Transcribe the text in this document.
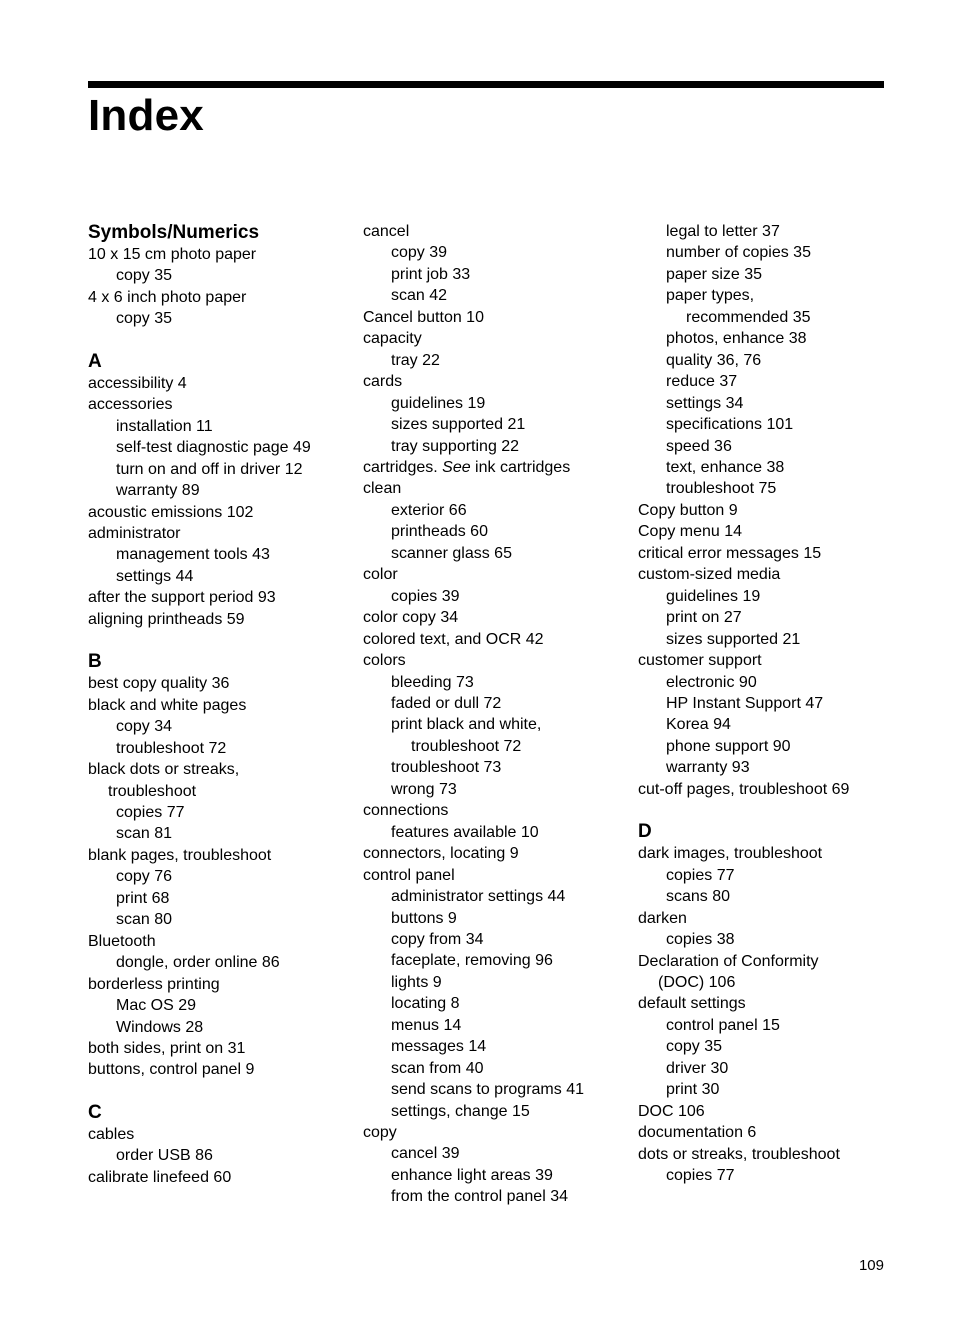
Index
Symbols/Numerics
10 x 15 cm photo paper
copy 35
4 x 6 inch photo paper
copy 35
A
accessibility 4
accessories
installation 11
self-test diagnostic page 49
turn on and off in driver 12
warranty 89
acoustic emissions 102
administrator
management tools 43
settings 44
after the support period 93
aligning printheads 59
B
best copy quality 36
black and white pages
copy 34
troubleshoot 72
black dots or streaks,
troubleshoot
copies 77
scan 81
blank pages, troubleshoot
copy 76
print 68
scan 80
Bluetooth
dongle, order online 86
borderless printing
Mac OS 29
Windows 28
both sides, print on 31
buttons, control panel 9
C
cables
order USB 86
calibrate linefeed 60
cancel
copy 39
print job 33
scan 42
Cancel button 10
capacity
tray 22
cards
guidelines 19
sizes supported 21
tray supporting 22
cartridges. See ink cartridges
clean
exterior 66
printheads 60
scanner glass 65
color
copies 39
color copy 34
colored text, and OCR 42
colors
bleeding 73
faded or dull 72
print black and white,
troubleshoot 72
troubleshoot 73
wrong 73
connections
features available 10
connectors, locating 9
control panel
administrator settings 44
buttons 9
copy from 34
faceplate, removing 96
lights 9
locating 8
menus 14
messages 14
scan from 40
send scans to programs 41
settings, change 15
copy
cancel 39
enhance light areas 39
from the control panel 34
legal to letter 37
number of copies 35
paper size 35
paper types,
recommended 35
photos, enhance 38
quality 36, 76
reduce 37
settings 34
specifications 101
speed 36
text, enhance 38
troubleshoot 75
Copy button 9
Copy menu 14
critical error messages 15
custom-sized media
guidelines 19
print on 27
sizes supported 21
customer support
electronic 90
HP Instant Support 47
Korea 94
phone support 90
warranty 93
cut-off pages, troubleshoot 69
D
dark images, troubleshoot
copies 77
scans 80
darken
copies 38
Declaration of Conformity
(DOC) 106
default settings
control panel 15
copy 35
driver 30
print 30
DOC 106
documentation 6
dots or streaks, troubleshoot
copies 77
109
